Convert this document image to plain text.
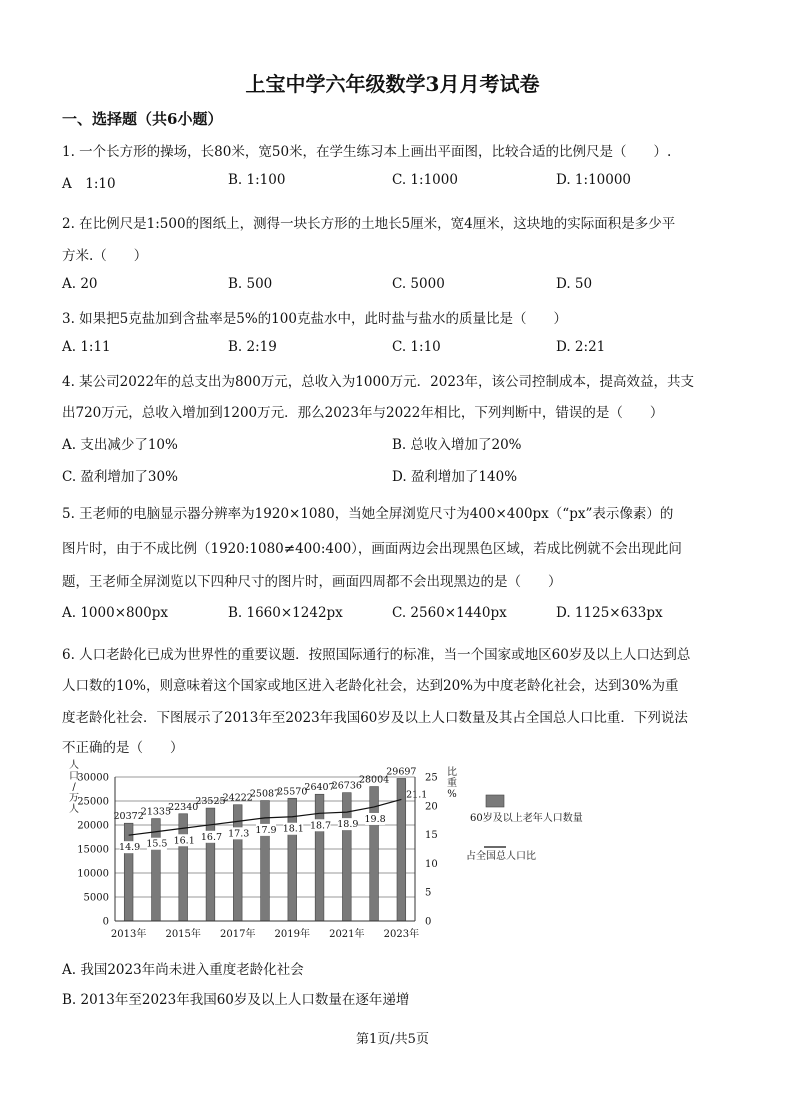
上宝中学六年级数学3月月考试卷
一、选择题（共6小题）
1. 一个长方形的操场，长80米，宽50米，在学生练习本上画出平面图，比较合适的比例尺是（　　）.
A　1:10	B. 1:100	C. 1:1000	D. 1:10000
2. 在比例尺是1:500的图纸上，测得一块长方形的土地长5厘米，宽4厘米，这块地的实际面积是多少平
方米.（　　）
A. 20	B. 500	C. 5000	D. 50
3. 如果把5克盐加到含盐率是5%的100克盐水中，此时盐与盐水的质量比是（　　）
A. 1:11	B. 2:19	C. 1:10	D. 2:21
4. 某公司2022年的总支出为800万元，总收入为1000万元．2023年，该公司控制成本，提高效益，共支
出720万元，总收入增加到1200万元．那么2023年与2022年相比，下列判断中，错误的是（　　）
A. 支出减少了10%	B. 总收入增加了20%
C. 盈利增加了30%	D. 盈利增加了140%
5. 王老师的电脑显示器分辨率为1920×1080，当她全屏浏览尺寸为400×400px（“px”表示像素）的
图片时，由于不成比例（1920:1080≠400:400），画面两边会出现黑色区域，若成比例就不会出现此问
题，王老师全屏浏览以下四种尺寸的图片时，画面四周都不会出现黑边的是（　　）
A. 1000×800px	B. 1660×1242px	C. 2560×1440px	D. 1125×633px
6. 人口老龄化已成为世界性的重要议题．按照国际通行的标准，当一个国家或地区60岁及以上人口达到总
人口数的10%，则意味着这个国家或地区进入老龄化社会，达到20%为中度老龄化社会，达到30%为重
度老龄化社会．下图展示了2013年至2023年我国60岁及以上人口数量及其占全国总人口比重．下列说法
不正确的是（　　）
20372
21335
22340
23525
24222
25087
25570
26407
26736
28004
29697
14.9 15.5 16.1 16.7 17.3 17.9 18.1 18.7 18.9 19.8
21.1
0
5000
10000
15000
20000
25000
30000
0
5
10
15
20
25
人
口
/
万
人
比
重
%
2013年 2015年 2017年 2019年 2021年 2023年
60岁及以上老年人口数量
占全国总人口比
A. 我国2023年尚未进入重度老龄化社会
B. 2013年至2023年我国60岁及以上人口数量在逐年递增
第1页/共5页
